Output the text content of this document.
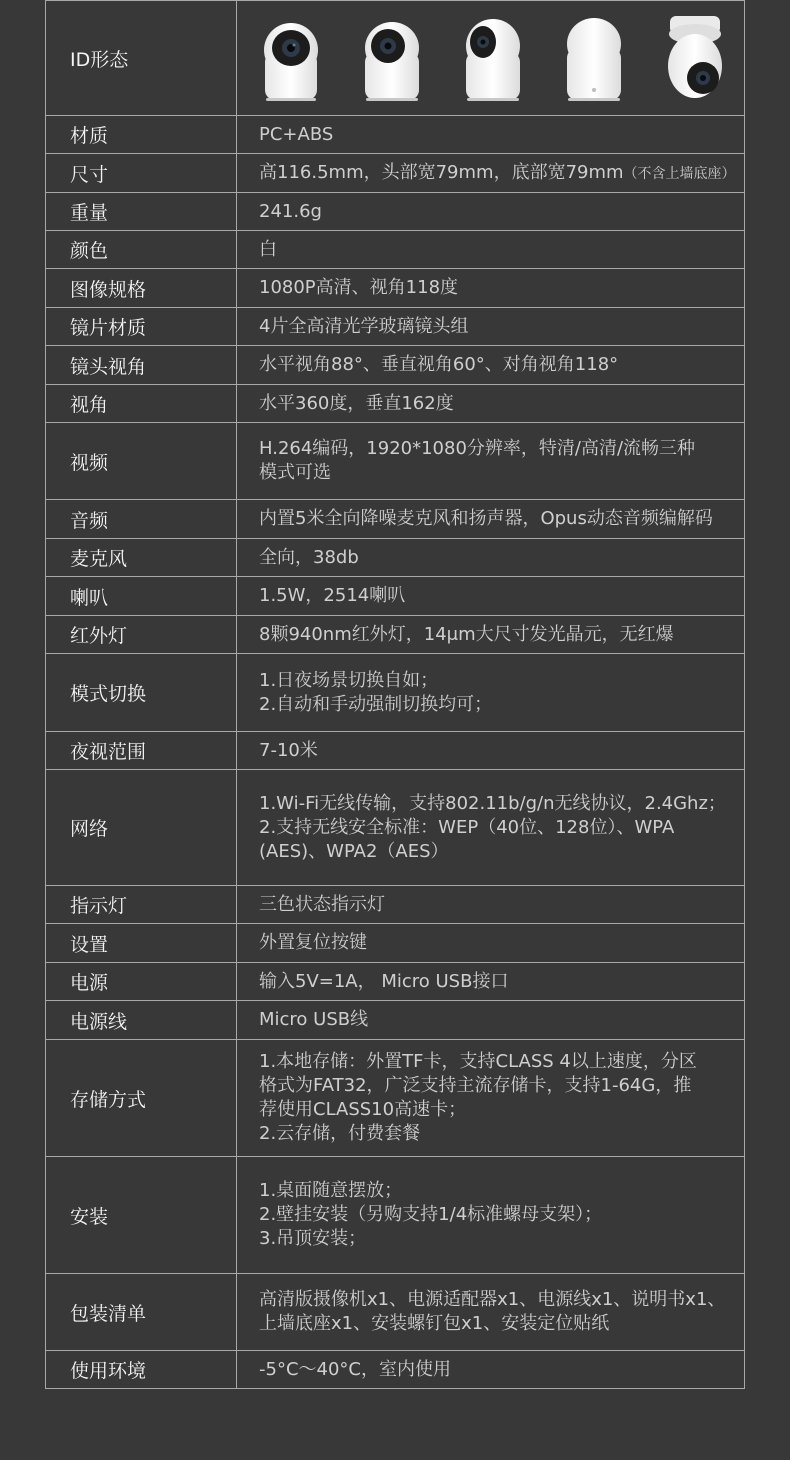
ID形态	

材质	PC+ABS

尺寸	高116.5mm，头部宽79mm，底部宽79mm（不含上墙底座）

重量	241.6g

颜色	白

图像规格	1080P高清、视角118度

镜片材质	4片全高清光学玻璃镜头组

镜头视角	水平视角88°、垂直视角60°、对角视角118°

视角	水平360度，垂直162度

视频	H.264编码，1920*1080分辨率，特清/高清/流畅三种
模式可选

音频	内置5米全向降噪麦克风和扬声器，Opus动态音频编解码

麦克风	全向，38db

喇叭	1.5W，2514喇叭

红外灯	8颗940nm红外灯，14μm大尺寸发光晶元，无红爆

模式切换	1.日夜场景切换自如；
2.自动和手动强制切换均可；

夜视范围	7-10米

网络	1.Wi-Fi无线传输，支持802.11b/g/n无线协议，2.4Ghz；
2.支持无线安全标准：WEP（40位、128位）、WPA
(AES)、WPA2（AES）

指示灯	三色状态指示灯

设置	外置复位按键

电源	输入5V=1A， Micro USB接口

电源线	Micro USB线

存储方式	1.本地存储：外置TF卡，支持CLASS 4以上速度，分区
格式为FAT32，广泛支持主流存储卡，支持1-64G，推
荐使用CLASS10高速卡；
2.云存储，付费套餐

安装	1.桌面随意摆放；
2.壁挂安装（另购支持1/4标准螺母支架）；
3.吊顶安装；

包装清单	高清版摄像机x1、电源适配器x1、电源线x1、说明书x1、
上墙底座x1、安装螺钉包x1、安装定位贴纸

使用环境	-5°C～40°C，室内使用
